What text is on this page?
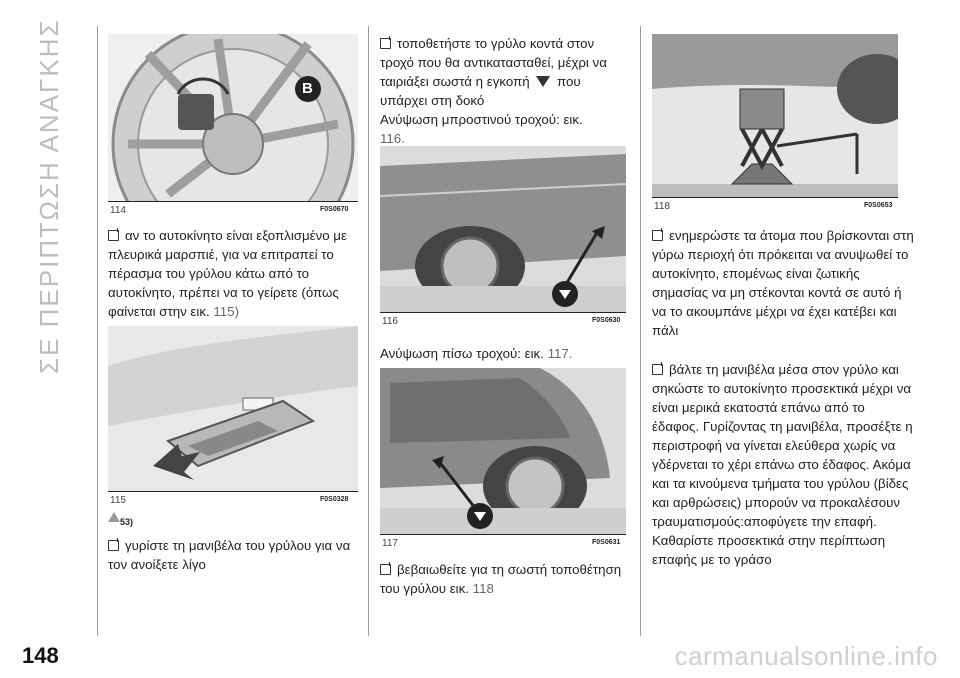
ΣΕ ΠΕΡΙΠΤΩΣΗ ΑΝΑΓΚΗΣ	114	F0S0670
B

αν το αυτοκίνητο είναι εξοπλισμένο με πλευρικά μαρσπιέ, για να επιτραπεί το πέρασμα του γρύλου κάτω από το αυτοκίνητο, πρέπει να το γείρετε (όπως φαίνεται στην εικ. 115)

115	F0S0328
53)

γυρίστε τη μανιβέλα του γρύλου για να τον ανοίξετε λίγο

τοποθετήστε το γρύλο κοντά στον τροχό που θα αντικατασταθεί, μέχρι να ταιριάξει σωστά η εγκοπή που υπάρχει στη δοκό

Ανύψωση μπροστινού τροχού: εικ.

116.

116	F0S0630

Ανύψωση πίσω τροχού: εικ. 117.

117	F0S0631

βεβαιωθείτε για τη σωστή τοποθέτηση του γρύλου εικ. 118

118	F0S0653

ενημερώστε τα άτομα που βρίσκονται στη γύρω περιοχή ότι πρόκειται να ανυψωθεί το αυτοκίνητο, επομένως είναι ζωτικής σημασίας να μη στέκονται κοντά σε αυτό ή να το ακουμπάνε μέχρι να έχει κατέβει και πάλι

βάλτε τη μανιβέλα μέσα στον γρύλο και σηκώστε το αυτοκίνητο προσεκτικά μέχρι να είναι μερικά εκατοστά επάνω από το έδαφος. Γυρίζοντας τη μανιβέλα, προσέξτε η περιστροφή να γίνεται ελεύθερα χωρίς να γδέρνεται το χέρι επάνω στο έδαφος. Ακόμα και τα κινούμενα τμήματα του γρύλου (βίδες και αρθρώσεις) μπορούν να προκαλέσουν τραυματισμούς:αποφύγετε την επαφή. Καθαρίστε προσεκτικά στην περίπτωση επαφής με το γράσο

148	carmanualsonline.info
